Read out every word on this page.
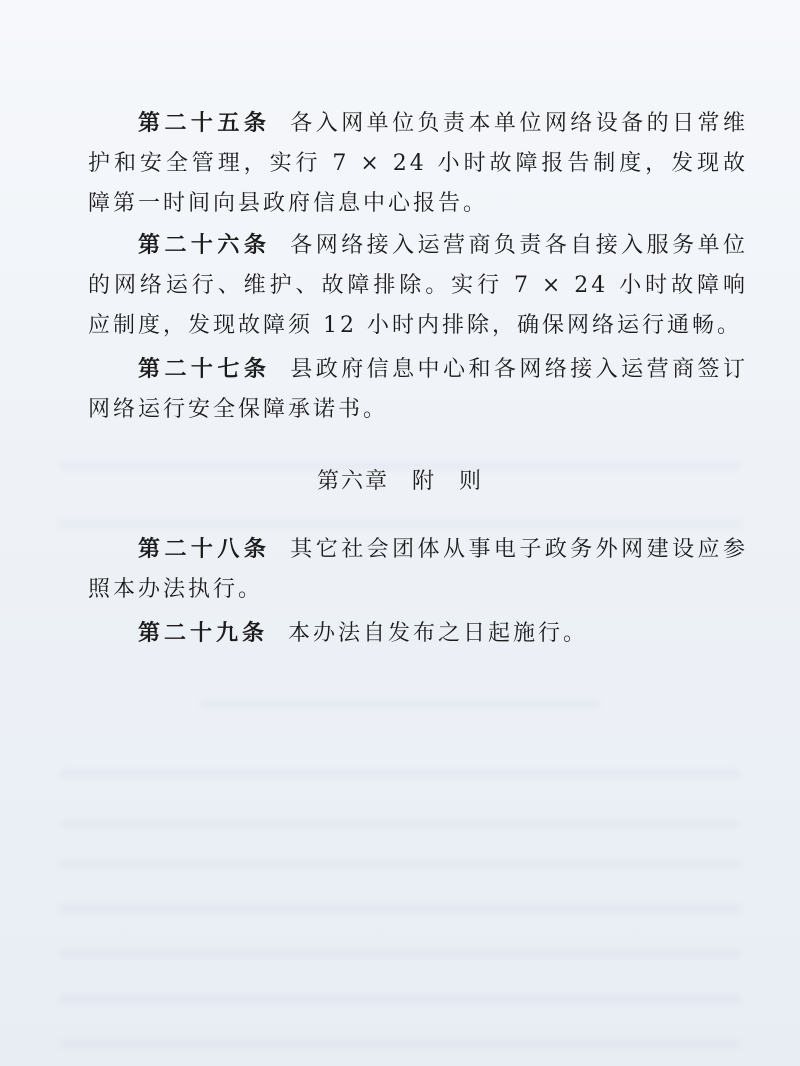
第二十五条 各入网单位负责本单位网络设备的日常维护和安全管理，实行 7 × 24 小时故障报告制度，发现故障第一时间向县政府信息中心报告。

第二十六条 各网络接入运营商负责各自接入服务单位的网络运行、维护、故障排除。实行 7 × 24 小时故障响应制度，发现故障须 12 小时内排除，确保网络运行通畅。

第二十七条 县政府信息中心和各网络接入运营商签订网络运行安全保障承诺书。

第六章 附 则

第二十八条 其它社会团体从事电子政务外网建设应参照本办法执行。

第二十九条 本办法自发布之日起施行。
